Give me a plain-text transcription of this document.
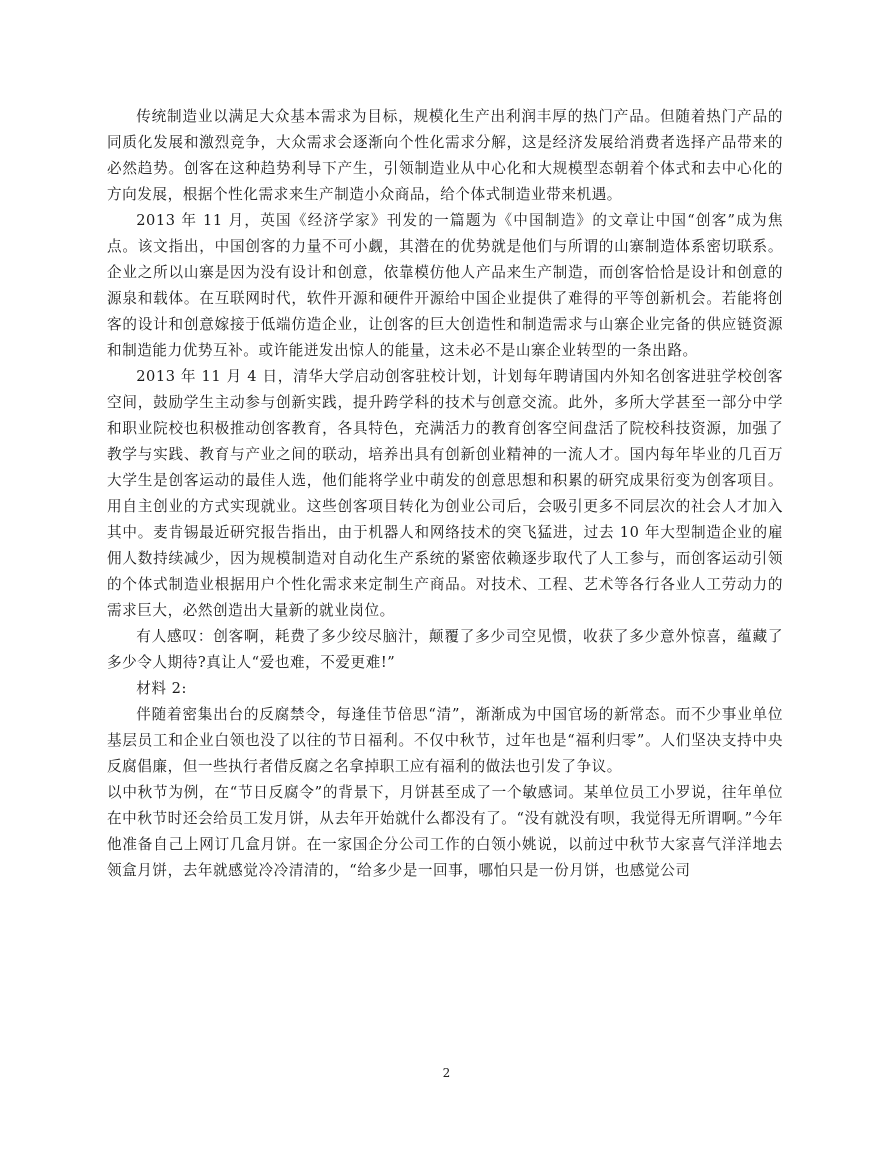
传统制造业以满足大众基本需求为目标，规模化生产出利润丰厚的热门产品。但随着热门产品的同质化发展和激烈竞争，大众需求会逐渐向个性化需求分解，这是经济发展给消费者选择产品带来的必然趋势。创客在这种趋势利导下产生，引领制造业从中心化和大规模型态朝着个体式和去中心化的方向发展，根据个性化需求来生产制造小众商品，给个体式制造业带来机遇。

2013 年 11 月，英国《经济学家》刊发的一篇题为《中国制造》的文章让中国“创客”成为焦点。该文指出，中国创客的力量不可小觑，其潜在的优势就是他们与所谓的山寨制造体系密切联系。企业之所以山寨是因为没有设计和创意，依靠模仿他人产品来生产制造，而创客恰恰是设计和创意的源泉和载体。在互联网时代，软件开源和硬件开源给中国企业提供了难得的平等创新机会。若能将创客的设计和创意嫁接于低端仿造企业，让创客的巨大创造性和制造需求与山寨企业完备的供应链资源和制造能力优势互补。或许能迸发出惊人的能量，这未必不是山寨企业转型的一条出路。

2013 年 11 月 4 日，清华大学启动创客驻校计划，计划每年聘请国内外知名创客进驻学校创客空间，鼓励学生主动参与创新实践，提升跨学科的技术与创意交流。此外，多所大学甚至一部分中学和职业院校也积极推动创客教育，各具特色，充满活力的教育创客空间盘活了院校科技资源，加强了教学与实践、教育与产业之间的联动，培养出具有创新创业精神的一流人才。国内每年毕业的几百万大学生是创客运动的最佳人选，他们能将学业中萌发的创意思想和积累的研究成果衍变为创客项目。用自主创业的方式实现就业。这些创客项目转化为创业公司后，会吸引更多不同层次的社会人才加入其中。麦肯锡最近研究报告指出，由于机器人和网络技术的突飞猛进，过去 10 年大型制造企业的雇佣人数持续减少，因为规模制造对自动化生产系统的紧密依赖逐步取代了人工参与，而创客运动引领的个体式制造业根据用户个性化需求来定制生产商品。对技术、工程、艺术等各行各业人工劳动力的需求巨大，必然创造出大量新的就业岗位。

有人感叹：创客啊，耗费了多少绞尽脑汁，颠覆了多少司空见惯，收获了多少意外惊喜，蕴藏了多少令人期待?真让人“爱也难，不爱更难!”

材料 2:

伴随着密集出台的反腐禁令，每逢佳节倍思“清”，渐渐成为中国官场的新常态。而不少事业单位基层员工和企业白领也没了以往的节日福利。不仅中秋节，过年也是“福利归零”。人们坚决支持中央反腐倡廉，但一些执行者借反腐之名拿掉职工应有福利的做法也引发了争议。

以中秋节为例，在“节日反腐令”的背景下，月饼甚至成了一个敏感词。某单位员工小罗说，往年单位在中秋节时还会给员工发月饼，从去年开始就什么都没有了。“没有就没有呗，我觉得无所谓啊。”今年他准备自己上网订几盒月饼。在一家国企分公司工作的白领小姚说，以前过中秋节大家喜气洋洋地去领盒月饼，去年就感觉冷冷清清的，“给多少是一回事，哪怕只是一份月饼，也感觉公司

2
